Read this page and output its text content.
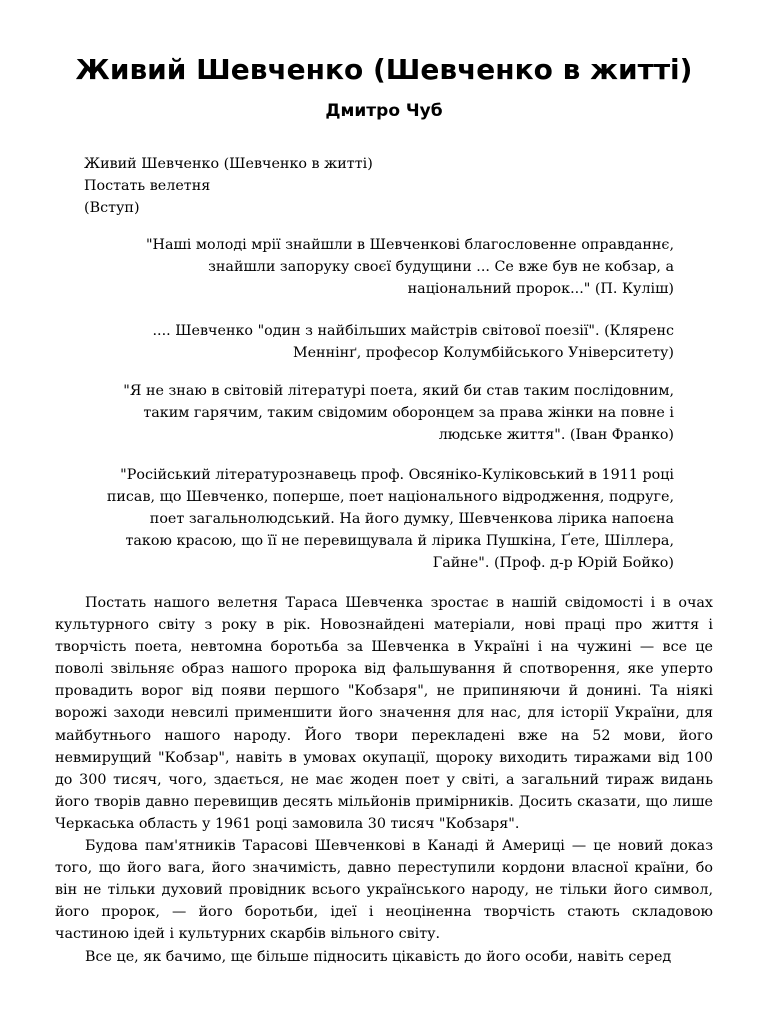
Живий Шевченко (Шевченко в житті)
Дмитро Чуб
Живий Шевченко (Шевченко в житті)
Постать велетня
(Вступ)
"Наші молоді мрії знайшли в Шевченкові благословенне оправданнє, знайшли запоруку своєї будущини ... Се вже був не кобзар, а національний пророк..." (П. Куліш)
.... Шевченко "один з найбільших майстрів світової поезії". (Кляренс Меннінґ, професор Колумбійського Університету)
"Я не знаю в світовій літературі поета, який би став таким послідовним, таким гарячим, таким свідомим оборонцем за права жінки на повне і людське життя". (Іван Франко)
"Російський літературознавець проф. Овсяніко-Куліковський в 1911 році писав, що Шевченко, поперше, поет національного відродження, подруге, поет загальнолюдський. На його думку, Шевченкова лірика напоєна такою красою, що її не перевищувала й лірика Пушкіна, Ґете, Шіллера, Гайне". (Проф. д-р Юрій Бойко)

Постать нашого велетня Тараса Шевченка зростає в нашій свідомості і в очах культурного світу з року в рік. Новознайдені матеріали, нові праці про життя і творчість поета, невтомна боротьба за Шевченка в Україні і на чужині — все це поволі звільняє образ нашого пророка від фальшування й спотворення, яке уперто провадить ворог від появи першого "Кобзаря", не припиняючи й донині. Та ніякі ворожі заходи невсилі применшити його значення для нас, для історії України, для майбутнього нашого народу. Його твори перекладені вже на 52 мови, його невмирущий "Кобзар", навіть в умовах окупації, щороку виходить тиражами від 100 до 300 тисяч, чого, здається, не має жоден поет у світі, а загальний тираж видань його творів давно перевищив десять мільйонів примірників. Досить сказати, що лише Черкаська область у 1961 році замовила 30 тисяч "Кобзаря".

Будова пам'ятників Тарасові Шевченкові в Канаді й Америці — це новий доказ того, що його вага, його значимість, давно переступили кордони власної країни, бо він не тільки духовий провідник всього українського народу, не тільки його символ, його пророк, — його боротьби, ідеї і неоціненна творчість стають складовою частиною ідей і культурних скарбів вільного світу.

Все це, як бачимо, ще більше підносить цікавість до його особи, навіть серед
